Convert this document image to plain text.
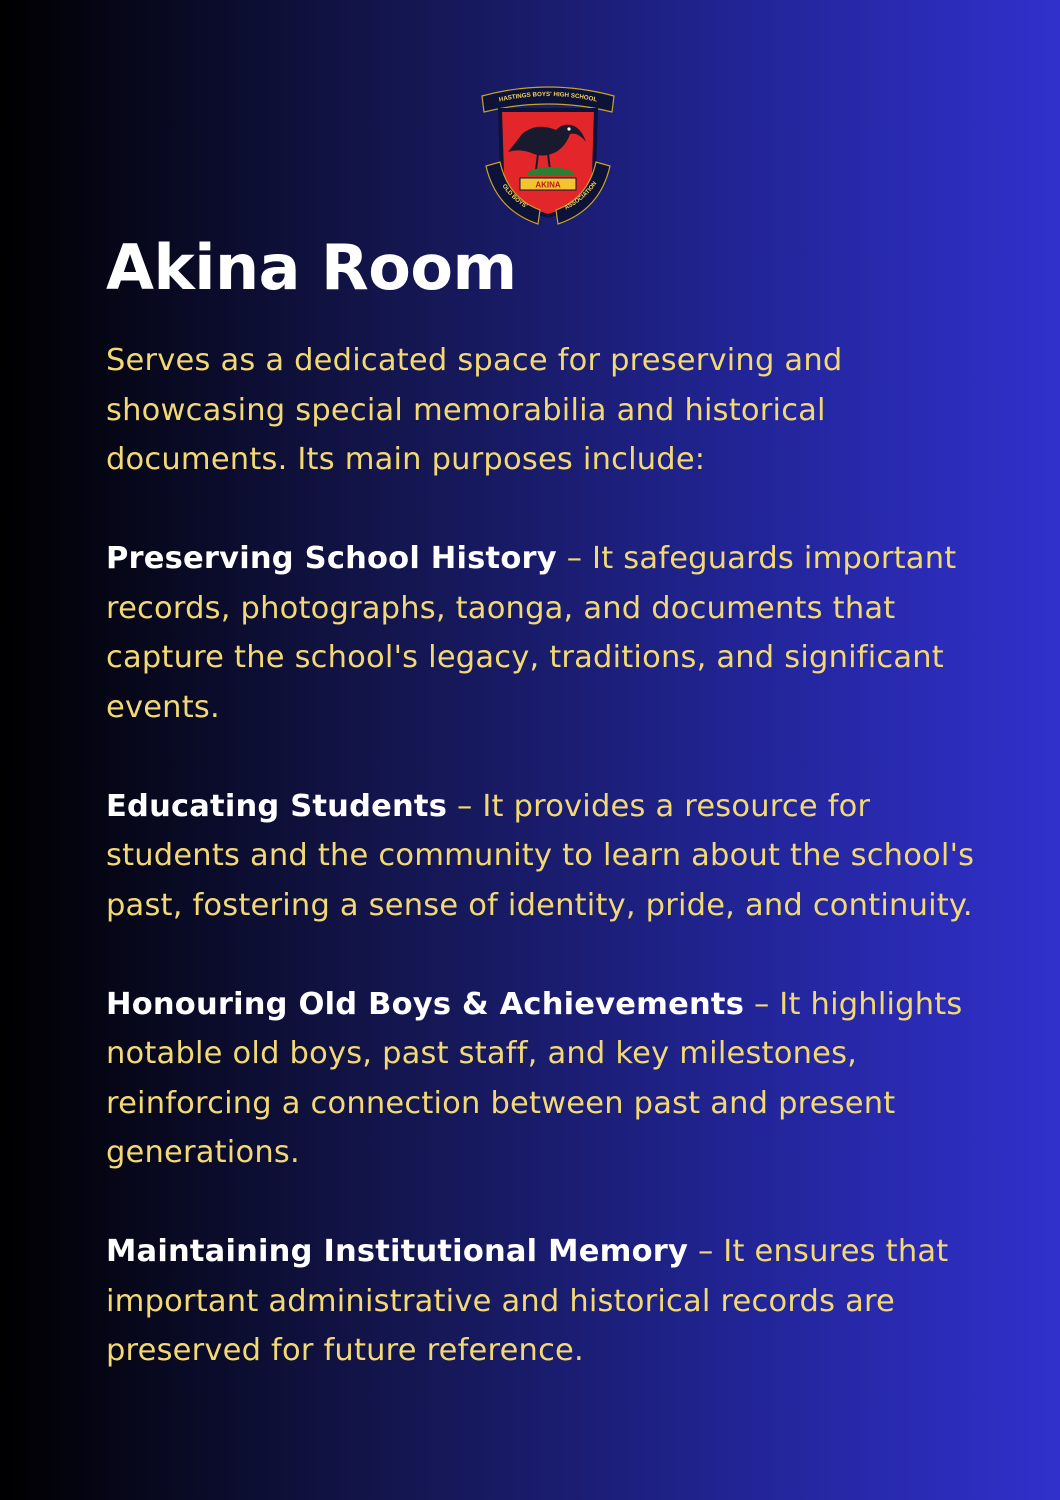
HASTINGS BOYS' HIGH SCHOOL
AKINA
OLD BOYS'	ASSOCIATION
Akina Room

Serves as a dedicated space for preserving and showcasing special memorabilia and historical documents. Its main purposes include:

Preserving School History – It safeguards important records, photographs, taonga, and documents that capture the school's legacy, traditions, and significant events.

Educating Students – It provides a resource for students and the community to learn about the school's past, fostering a sense of identity, pride, and continuity.

Honouring Old Boys & Achievements – It highlights notable old boys, past staff, and key milestones, reinforcing a connection between past and present generations.

Maintaining Institutional Memory – It ensures that important administrative and historical records are preserved for future reference.
